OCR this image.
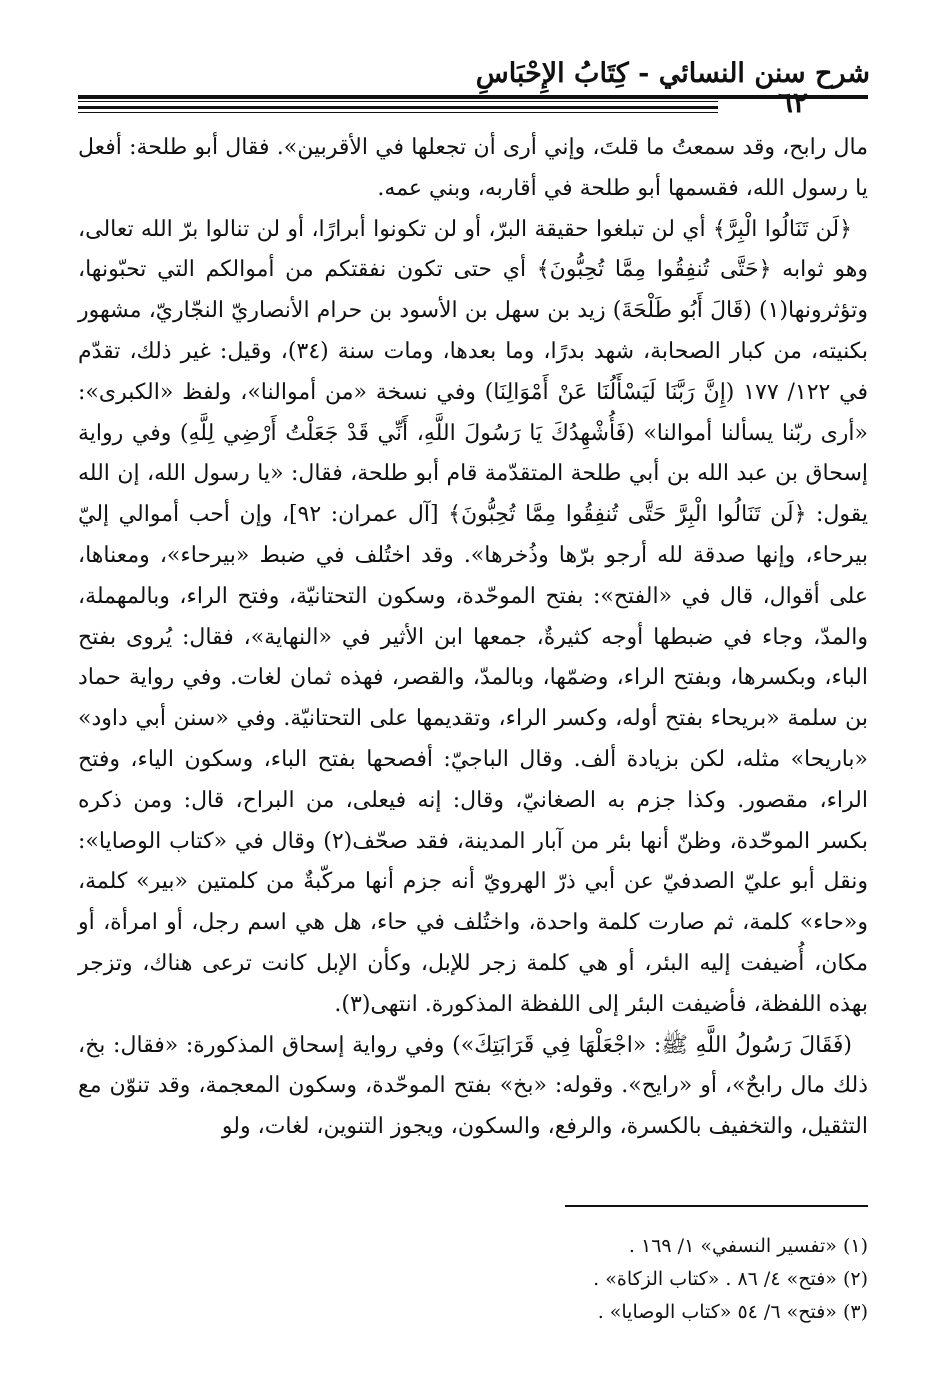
شرح سنن النسائي - كِتَابُ الإِحْبَاسِ
٦٢

مال رابح، وقد سمعتُ ما قلتَ، وإني أرى أن تجعلها في الأقربين». فقال أبو طلحة: أفعل يا رسول الله، فقسمها أبو طلحة في أقاربه، وبني عمه.

﴿لَن تَنَالُوا الْبِرَّ﴾ أي لن تبلغوا حقيقة البرّ، أو لن تكونوا أبرارًا، أو لن تنالوا برّ الله تعالى، وهو ثوابه ﴿حَتَّى تُنفِقُوا مِمَّا تُحِبُّونَ﴾ أي حتى تكون نفقتكم من أموالكم التي تحبّونها، وتؤثرونها(١) (قَالَ أَبُو طَلْحَةَ) زيد بن سهل بن الأسود بن حرام الأنصاريّ النجّاريّ، مشهور بكنيته، من كبار الصحابة، شهد بدرًا، وما بعدها، ومات سنة (٣٤)، وقيل: غير ذلك، تقدّم في ١٢٢/ ١٧٧ (إِنَّ رَبَّنَا لَيَسْأَلُنَا عَنْ أَمْوَالِنَا) وفي نسخة «من أموالنا»، ولفظ «الكبرى»: «أرى ربّنا يسألنا أموالنا» (فَأُشْهِدُكَ يَا رَسُولَ اللَّهِ، أَنِّي قَدْ جَعَلْتُ أَرْضِي لِلَّهِ) وفي رواية إسحاق بن عبد الله بن أبي طلحة المتقدّمة قام أبو طلحة، فقال: «يا رسول الله، إن الله يقول: ﴿لَن تَنَالُوا الْبِرَّ حَتَّى تُنفِقُوا مِمَّا تُحِبُّونَ﴾ [آل عمران: ٩٢]، وإن أحب أموالي إليّ بيرحاء، وإنها صدقة لله أرجو برّها وذُخرها». وقد اختُلف في ضبط «بيرحاء»، ومعناها، على أقوال، قال في «الفتح»: بفتح الموحّدة، وسكون التحتانيّة، وفتح الراء، وبالمهملة، والمدّ، وجاء في ضبطها أوجه كثيرةٌ، جمعها ابن الأثير في «النهاية»، فقال: يُروى بفتح الباء، وبكسرها، وبفتح الراء، وضمّها، وبالمدّ، والقصر، فهذه ثمان لغات. وفي رواية حماد بن سلمة «بريحاء بفتح أوله، وكسر الراء، وتقديمها على التحتانيّة. وفي «سنن أبي داود» «باريحا» مثله، لكن بزيادة ألف. وقال الباجيّ: أفصحها بفتح الباء، وسكون الياء، وفتح الراء، مقصور. وكذا جزم به الصغانيّ، وقال: إنه فيعلى، من البراح، قال: ومن ذكره بكسر الموحّدة، وظنّ أنها بئر من آبار المدينة، فقد صحّف(٢) وقال في «كتاب الوصايا»: ونقل أبو عليّ الصدفيّ عن أبي ذرّ الهرويّ أنه جزم أنها مركّبةٌ من كلمتين «بير» كلمة، و«حاء» كلمة، ثم صارت كلمة واحدة، واختُلف في حاء، هل هي اسم رجل، أو امرأة، أو مكان، أُضيفت إليه البئر، أو هي كلمة زجر للإبل، وكأن الإبل كانت ترعى هناك، وتزجر بهذه اللفظة، فأضيفت البئر إلى اللفظة المذكورة. انتهى(٣).

(فَقَالَ رَسُولُ اللَّهِ ﷺ: «اجْعَلْهَا فِي قَرَابَتِكَ») وفي رواية إسحاق المذكورة: «فقال: بخ، ذلك مال رابحٌ»، أو «رايح». وقوله: «بخ» بفتح الموحّدة، وسكون المعجمة، وقد تنوّن مع التثقيل، والتخفيف بالكسرة، والرفع، والسكون، ويجوز التنوين، لغات، ولو

(١) «تفسير النسفي» ١/ ١٦٩ .
(٢) «فتح» ٤/ ٨٦ . «كتاب الزكاة» .
(٣) «فتح» ٦/ ٥٤ «كتاب الوصايا» .
